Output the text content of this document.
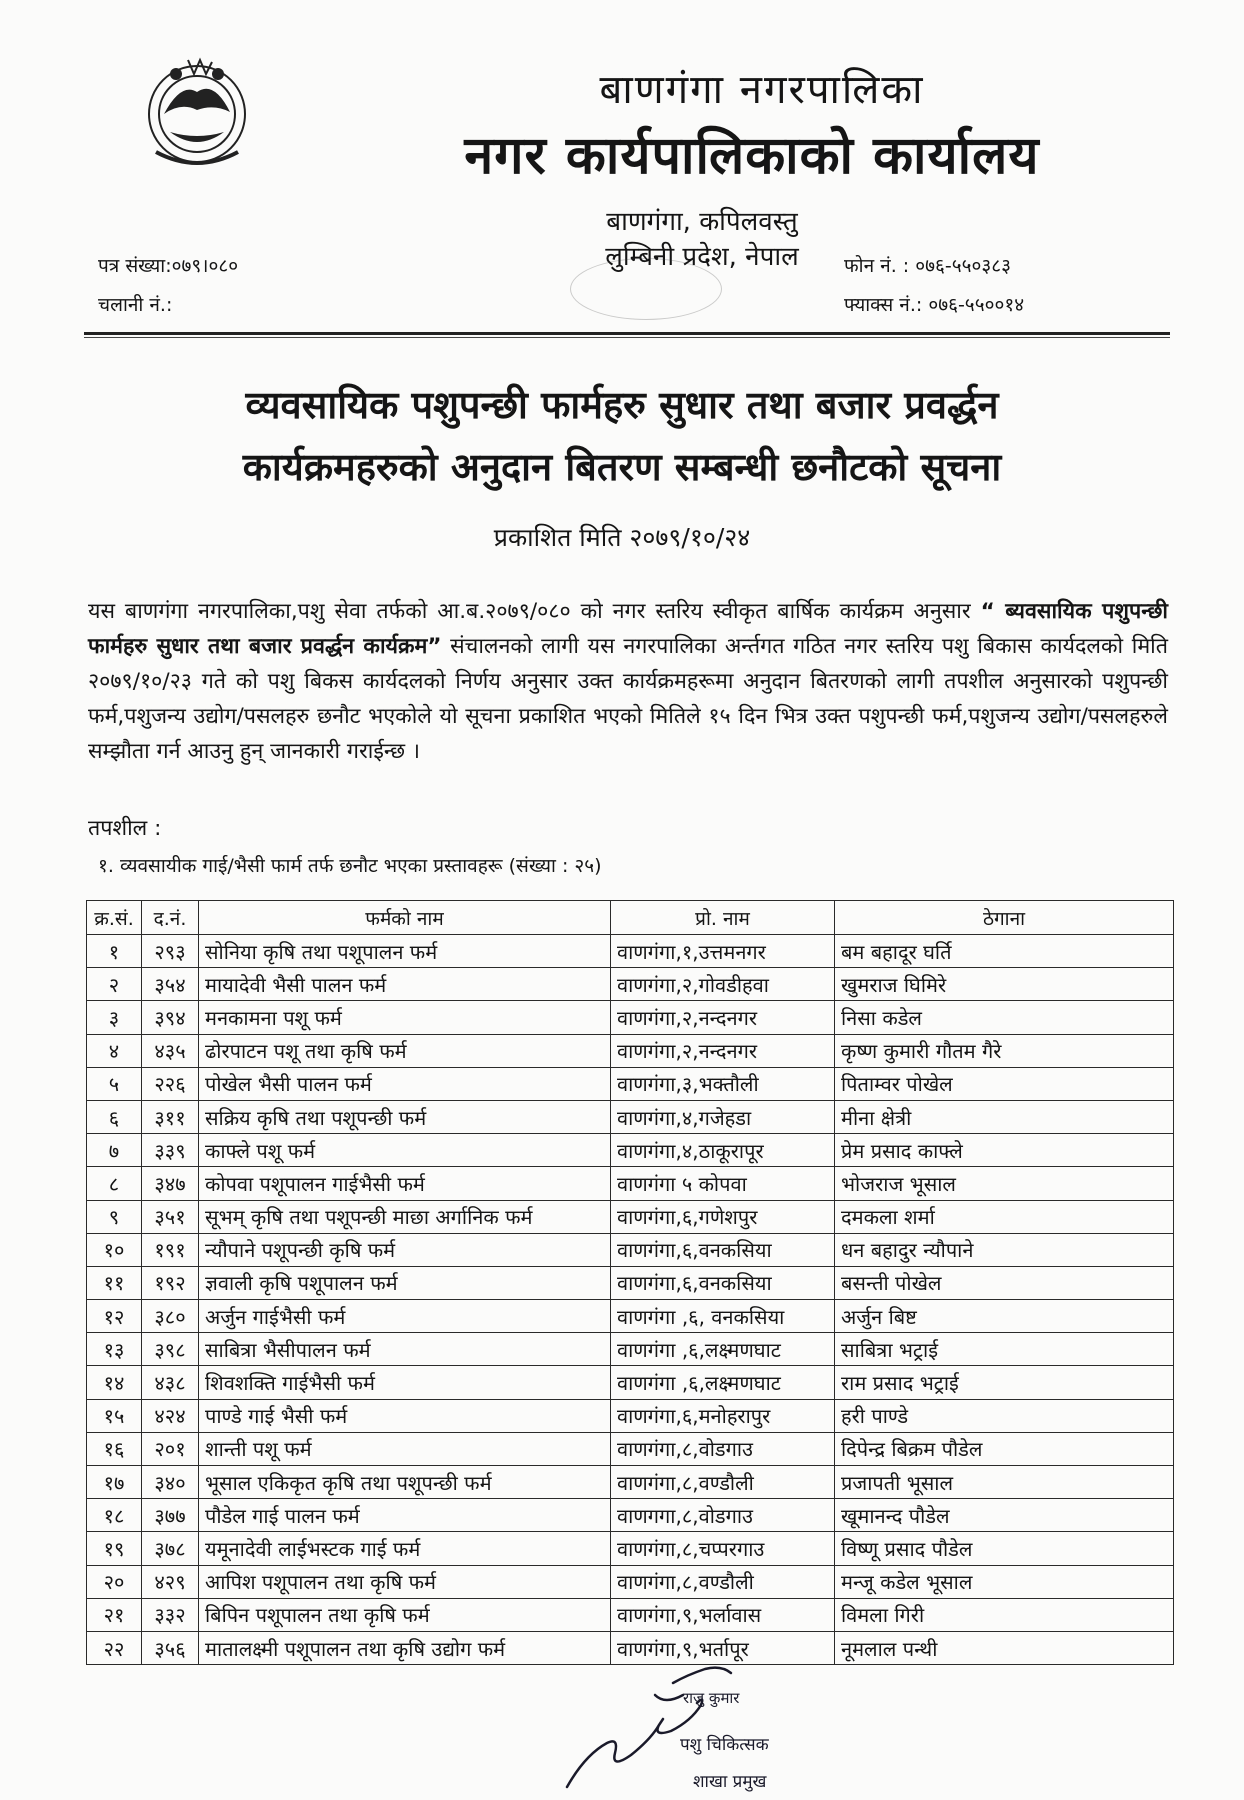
बाणगंगा नगरपालिका
नगर कार्यपालिकाको कार्यालय
बाणगंगा, कपिलवस्तु
लुम्बिनी प्रदेश, नेपाल
पत्र संख्या:०७९।०८०
चलानी नं.:
फोन नं. : ०७६-५५०३८३
फ्याक्स नं.: ०७६-५५००१४
व्यवसायिक पशुपन्छी फार्महरु सुधार तथा बजार प्रवर्द्धन
कार्यक्रमहरुको अनुदान बितरण सम्बन्धी छनौटको सूचना
प्रकाशित मिति २०७९/१०/२४
यस बाणगंगा नगरपालिका,पशु सेवा तर्फको आ.ब.२०७९/०८० को नगर स्तरिय स्वीकृत बार्षिक कार्यक्रम अनुसार “ ब्यवसायिक पशुपन्छी फार्महरु सुधार तथा बजार प्रवर्द्धन कार्यक्रम” संचालनको लागी यस नगरपालिका अर्न्तगत गठित नगर स्तरिय पशु बिकास कार्यदलको मिति २०७९/१०/२३ गते को पशु बिकस कार्यदलको निर्णय अनुसार उक्त कार्यक्रमहरूमा अनुदान बितरणको लागी तपशील अनुसारको पशुपन्छी फर्म,पशुजन्य उद्योग/पसलहरु छनौट भएकोले यो सूचना प्रकाशित भएको मितिले १५ दिन भित्र उक्त पशुपन्छी फर्म,पशुजन्य उद्योग/पसलहरुले सम्झौता गर्न आउनु हुन् जानकारी गराईन्छ ।
तपशील :
१. व्यवसायीक गाई/भैसी फार्म तर्फ छनौट भएका प्रस्तावहरू (संख्या : २५)
क्र.सं.	द.नं.	फर्मको नाम	प्रो. नाम	ठेगाना
१	२९३	सोनिया कृषि तथा पशूपालन फर्म	वाणगंगा,१,उत्तमनगर	बम बहादूर घर्ति
२	३५४	मायादेवी भैसी पालन फर्म	वाणगंगा,२,गोवडीहवा	खुमराज घिमिरे
३	३९४	मनकामना पशू फर्म	वाणगंगा,२,नन्दनगर	निसा कडेल
४	४३५	ढोरपाटन पशू तथा कृषि फर्म	वाणगंगा,२,नन्दनगर	कृष्ण कुमारी गौतम गैरे
५	२२६	पोखेल भैसी पालन फर्म	वाणगंगा,३,भक्तौली	पिताम्वर पोखेल
६	३११	सक्रिय कृषि तथा पशूपन्छी फर्म	वाणगंगा,४,गजेहडा	मीना क्षेत्री
७	३३९	काफ्ले पशू फर्म	वाणगंगा,४,ठाकूरापूर	प्रेम प्रसाद काफ्ले
८	३४७	कोपवा पशूपालन गाईभैसी फर्म	वाणगंगा ५ कोपवा	भोजराज भूसाल
९	३५१	सूभम् कृषि तथा पशूपन्छी माछा अर्गानिक फर्म	वाणगंगा,६,गणेशपुर	दमकला शर्मा
१०	१९१	न्यौपाने पशूपन्छी कृषि फर्म	वाणगंगा,६,वनकसिया	धन बहादुर न्यौपाने
११	१९२	ज्ञवाली कृषि पशूपालन फर्म	वाणगंगा,६,वनकसिया	बसन्ती पोखेल
१२	३८०	अर्जुन गाईभैसी फर्म	वाणगंगा ,६, वनकसिया	अर्जुन बिष्ट
१३	३९८	साबित्रा भैसीपालन फर्म	वाणगंगा ,६,लक्ष्मणघाट	साबित्रा भट्राई
१४	४३८	शिवशक्ति गाईभैसी फर्म	वाणगंगा ,६,लक्ष्मणघाट	राम प्रसाद भट्राई
१५	४२४	पाण्डे गाई भैसी फर्म	वाणगंगा,६,मनोहरापुर	हरी पाण्डे
१६	२०१	शान्ती पशू फर्म	वाणगंगा,८,वोडगाउ	दिपेन्द्र बिक्रम पौडेल
१७	३४०	भूसाल एकिकृत कृषि तथा पशूपन्छी फर्म	वाणगंगा,८,वण्डौली	प्रजापती भूसाल
१८	३७७	पौडेल गाई पालन फर्म	वाणगगा,८,वोडगाउ	खूमानन्द पौडेल
१९	३७८	यमूनादेवी लाईभस्टक गाई फर्म	वाणगंगा,८,चप्परगाउ	विष्णू प्रसाद पौडेल
२०	४२९	आपिश पशूपालन तथा कृषि फर्म	वाणगंगा,८,वण्डौली	मन्जू कडेल भूसाल
२१	३३२	बिपिन पशूपालन तथा कृषि फर्म	वाणगंगा,९,भर्लावास	विमला गिरी
२२	३५६	मातालक्ष्मी पशूपालन तथा कृषि उद्योग फर्म	वाणगंगा,९,भर्तापूर	नूमलाल पन्थी
राजु कुमार
पशु चिकित्सक
शाखा प्रमुख
